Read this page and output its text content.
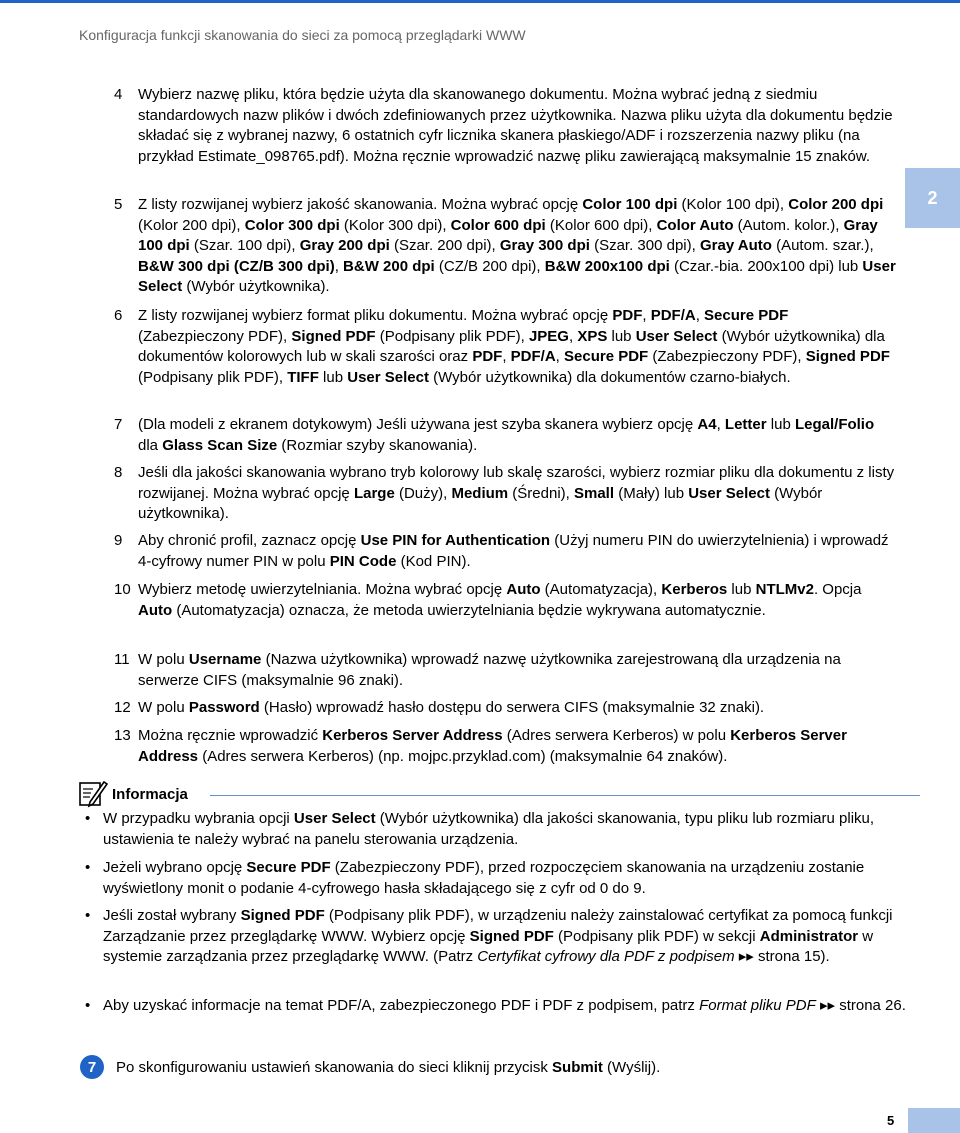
Konfiguracja funkcji skanowania do sieci za pomocą przeglądarki WWW
2
4 Wybierz nazwę pliku, która będzie użyta dla skanowanego dokumentu. Można wybrać jedną z siedmiu standardowych nazw plików i dwóch zdefiniowanych przez użytkownika. Nazwa pliku użyta dla dokumentu będzie składać się z wybranej nazwy, 6 ostatnich cyfr licznika skanera płaskiego/ADF i rozszerzenia nazwy pliku (na przykład Estimate_098765.pdf). Można ręcznie wprowadzić nazwę pliku zawierającą maksymalnie 15 znaków.
5 Z listy rozwijanej wybierz jakość skanowania. Można wybrać opcję Color 100 dpi (Kolor 100 dpi), Color 200 dpi (Kolor 200 dpi), Color 300 dpi (Kolor 300 dpi), Color 600 dpi (Kolor 600 dpi), Color Auto (Autom. kolor.), Gray 100 dpi (Szar. 100 dpi), Gray 200 dpi (Szar. 200 dpi), Gray 300 dpi (Szar. 300 dpi), Gray Auto (Autom. szar.), B&W 300 dpi (CZ/B 300 dpi), B&W 200 dpi (CZ/B 200 dpi), B&W 200x100 dpi (Czar.-bia. 200x100 dpi) lub User Select (Wybór użytkownika).
6 Z listy rozwijanej wybierz format pliku dokumentu. Można wybrać opcję PDF, PDF/A, Secure PDF (Zabezpieczony PDF), Signed PDF (Podpisany plik PDF), JPEG, XPS lub User Select (Wybór użytkownika) dla dokumentów kolorowych lub w skali szarości oraz PDF, PDF/A, Secure PDF (Zabezpieczony PDF), Signed PDF (Podpisany plik PDF), TIFF lub User Select (Wybór użytkownika) dla dokumentów czarno-białych.
7 (Dla modeli z ekranem dotykowym) Jeśli używana jest szyba skanera wybierz opcję A4, Letter lub Legal/Folio dla Glass Scan Size (Rozmiar szyby skanowania).
8 Jeśli dla jakości skanowania wybrano tryb kolorowy lub skalę szarości, wybierz rozmiar pliku dla dokumentu z listy rozwijanej. Można wybrać opcję Large (Duży), Medium (Średni), Small (Mały) lub User Select (Wybór użytkownika).
9 Aby chronić profil, zaznacz opcję Use PIN for Authentication (Użyj numeru PIN do uwierzytelnienia) i wprowadź 4-cyfrowy numer PIN w polu PIN Code (Kod PIN).
10 Wybierz metodę uwierzytelniania. Można wybrać opcję Auto (Automatyzacja), Kerberos lub NTLMv2. Opcja Auto (Automatyzacja) oznacza, że metoda uwierzytelniania będzie wykrywana automatycznie.
11 W polu Username (Nazwa użytkownika) wprowadź nazwę użytkownika zarejestrowaną dla urządzenia na serwerze CIFS (maksymalnie 96 znaki).
12 W polu Password (Hasło) wprowadź hasło dostępu do serwera CIFS (maksymalnie 32 znaki).
13 Można ręcznie wprowadzić Kerberos Server Address (Adres serwera Kerberos) w polu Kerberos Server Address (Adres serwera Kerberos) (np. mojpc.przyklad.com) (maksymalnie 64 znaków).
Informacja
• W przypadku wybrania opcji User Select (Wybór użytkownika) dla jakości skanowania, typu pliku lub rozmiaru pliku, ustawienia te należy wybrać na panelu sterowania urządzenia.
• Jeżeli wybrano opcję Secure PDF (Zabezpieczony PDF), przed rozpoczęciem skanowania na urządzeniu zostanie wyświetlony monit o podanie 4-cyfrowego hasła składającego się z cyfr od 0 do 9.
• Jeśli został wybrany Signed PDF (Podpisany plik PDF), w urządzeniu należy zainstalować certyfikat za pomocą funkcji Zarządzanie przez przeglądarkę WWW. Wybierz opcję Signed PDF (Podpisany plik PDF) w sekcji Administrator w systemie zarządzania przez przeglądarkę WWW. (Patrz Certyfikat cyfrowy dla PDF z podpisem ▸▸ strona 15).
• Aby uzyskać informacje na temat PDF/A, zabezpieczonego PDF i PDF z podpisem, patrz Format pliku PDF ▸▸ strona 26.
7	Po skonfigurowaniu ustawień skanowania do sieci kliknij przycisk Submit (Wyślij).
5
